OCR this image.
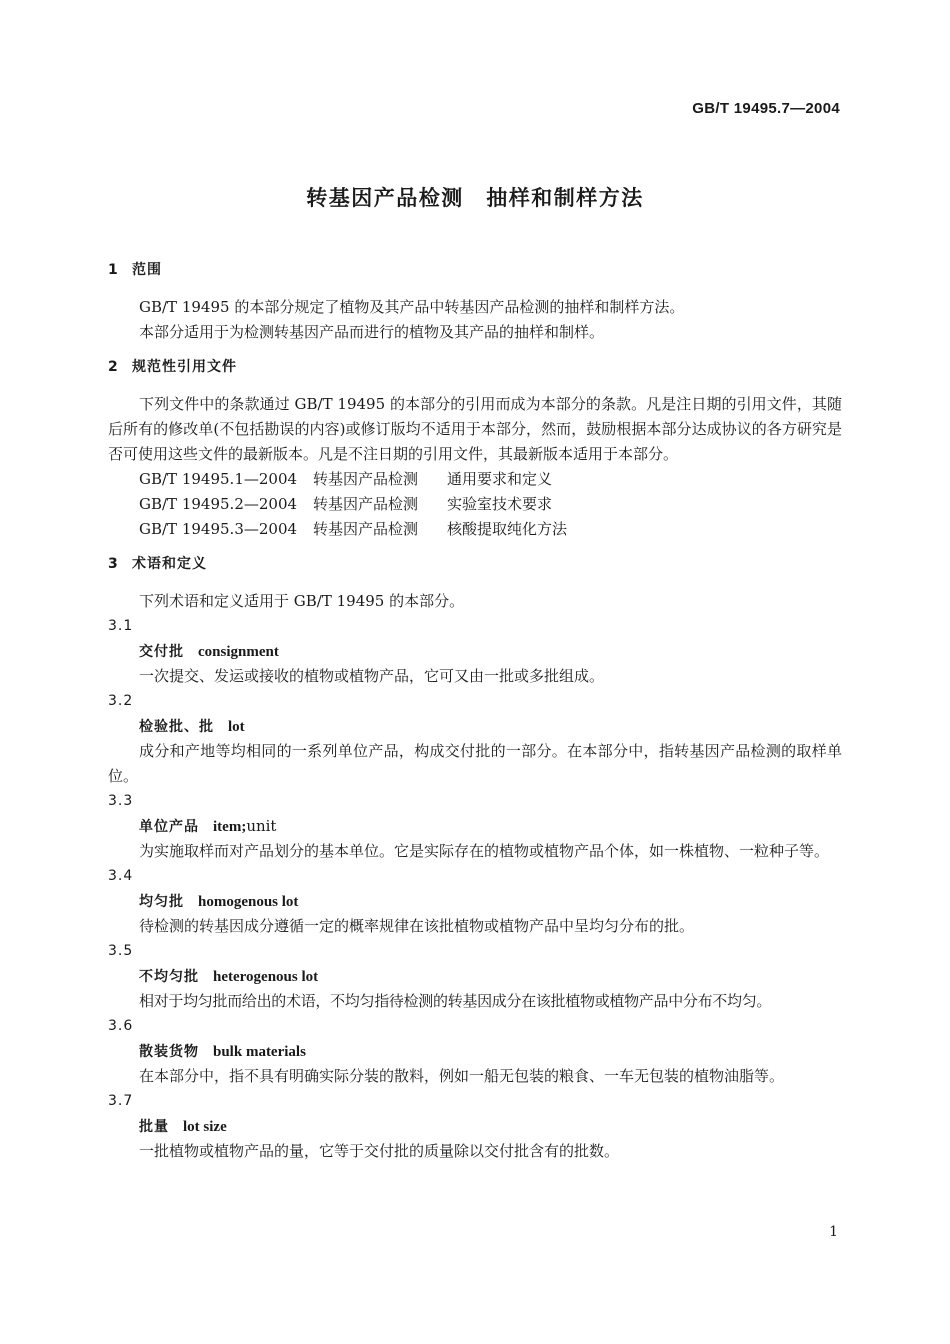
GB/T 19495.7—2004
转基因产品检测　抽样和制样方法
1 范围
GB/T 19495 的本部分规定了植物及其产品中转基因产品检测的抽样和制样方法。
本部分适用于为检测转基因产品而进行的植物及其产品的抽样和制样。
2 规范性引用文件
下列文件中的条款通过 GB/T 19495 的本部分的引用而成为本部分的条款。凡是注日期的引用文件，其随后所有的修改单(不包括勘误的内容)或修订版均不适用于本部分，然而，鼓励根据本部分达成协议的各方研究是否可使用这些文件的最新版本。凡是不注日期的引用文件，其最新版本适用于本部分。
GB/T 19495.1—2004 转基因产品检测 通用要求和定义
GB/T 19495.2—2004 转基因产品检测 实验室技术要求
GB/T 19495.3—2004 转基因产品检测 核酸提取纯化方法
3 术语和定义
下列术语和定义适用于 GB/T 19495 的本部分。
3.1
交付批 consignment
一次提交、发运或接收的植物或植物产品，它可又由一批或多批组成。
3.2
检验批、批 lot
成分和产地等均相同的一系列单位产品，构成交付批的一部分。在本部分中，指转基因产品检测的取样单位。
3.3
单位产品 item;unit
为实施取样而对产品划分的基本单位。它是实际存在的植物或植物产品个体，如一株植物、一粒种子等。
3.4
均匀批 homogenous lot
待检测的转基因成分遵循一定的概率规律在该批植物或植物产品中呈均匀分布的批。
3.5
不均匀批 heterogenous lot
相对于均匀批而给出的术语，不均匀指待检测的转基因成分在该批植物或植物产品中分布不均匀。
3.6
散装货物 bulk materials
在本部分中，指不具有明确实际分装的散料，例如一船无包装的粮食、一车无包装的植物油脂等。
3.7
批量 lot size
一批植物或植物产品的量，它等于交付批的质量除以交付批含有的批数。
1
